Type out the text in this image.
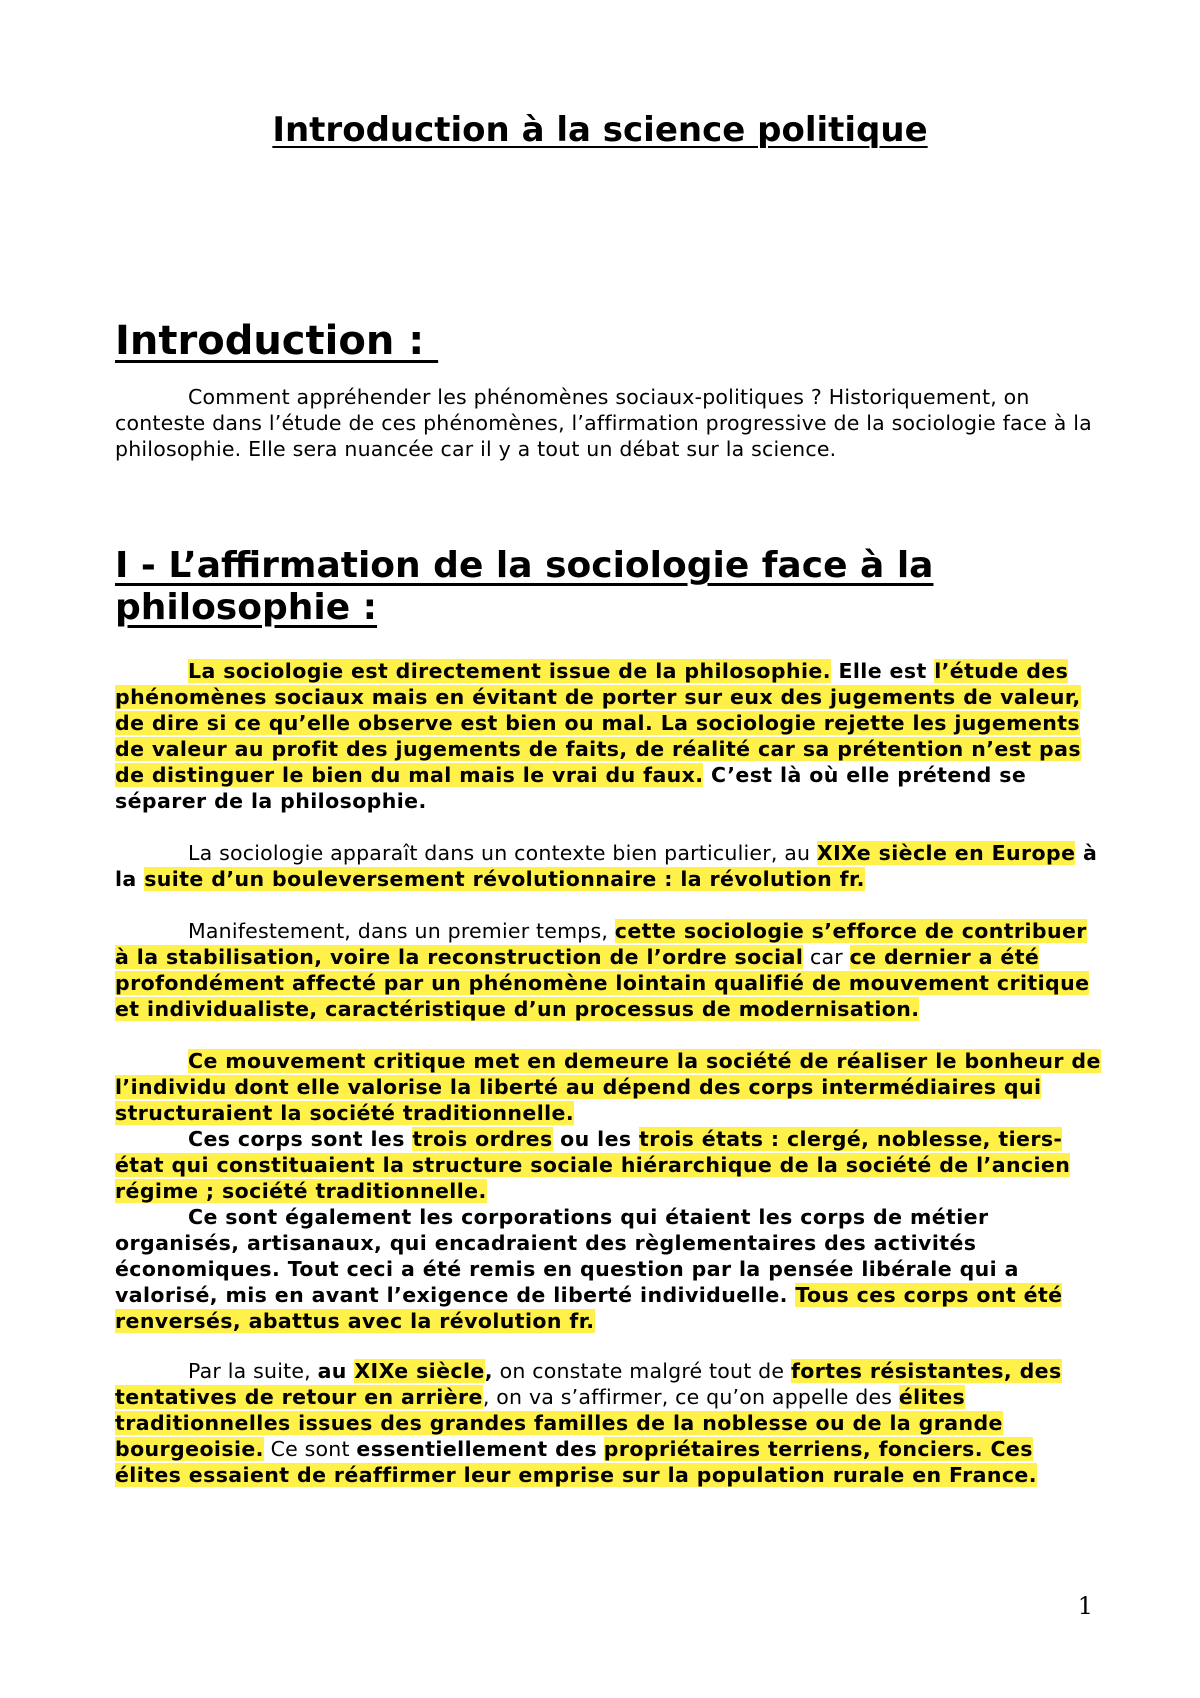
Introduction à la science politique
Introduction :

Comment appréhender les phénomènes sociaux-politiques ? Historiquement, on conteste dans l’étude de ces phénomènes, l’affirmation progressive de la sociologie face à la philosophie. Elle sera nuancée car il y a tout un débat sur la science.

I - L’affirmation de la sociologie face à la philosophie :

La sociologie est directement issue de la philosophie. Elle est l’étude des phénomènes sociaux mais en évitant de porter sur eux des jugements de valeur, de dire si ce qu’elle observe est bien ou mal. La sociologie rejette les jugements de valeur au profit des jugements de faits, de réalité car sa prétention n’est pas de distinguer le bien du mal mais le vrai du faux. C’est là où elle prétend se séparer de la philosophie.

La sociologie apparaît dans un contexte bien particulier, au XIXe siècle en Europe à la suite d’un bouleversement révolutionnaire : la révolution fr.

Manifestement, dans un premier temps, cette sociologie s’efforce de contribuer à la stabilisation, voire la reconstruction de l’ordre social car ce dernier a été profondément affecté par un phénomène lointain qualifié de mouvement critique et individualiste, caractéristique d’un processus de modernisation.

Ce mouvement critique met en demeure la société de réaliser le bonheur de l’individu dont elle valorise la liberté au dépend des corps intermédiaires qui structuraient la société traditionnelle.

Ces corps sont les trois ordres ou les trois états : clergé, noblesse, tiers-état qui constituaient la structure sociale hiérarchique de la société de l’ancien régime ; société traditionnelle.

Ce sont également les corporations qui étaient les corps de métier organisés, artisanaux, qui encadraient des règlementaires des activités économiques. Tout ceci a été remis en question par la pensée libérale qui a valorisé, mis en avant l’exigence de liberté individuelle. Tous ces corps ont été renversés, abattus avec la révolution fr.

Par la suite, au XIXe siècle, on constate malgré tout de fortes résistantes, des tentatives de retour en arrière, on va s’affirmer, ce qu’on appelle des élites traditionnelles issues des grandes familles de la noblesse ou de la grande bourgeoisie. Ce sont essentiellement des propriétaires terriens, fonciers. Ces élites essaient de réaffirmer leur emprise sur la population rurale en France.

1
